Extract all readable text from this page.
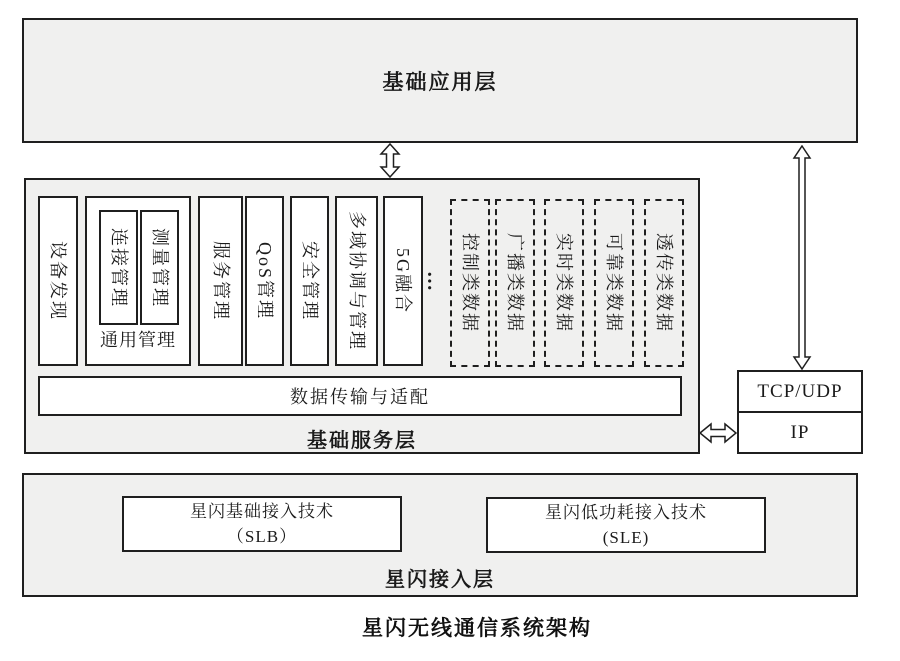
基础应用层
设备发现 连接管理 测量管理
通用管理
服务管理 QoS管理 安全管理 多域协调与管理 5G融合 … 控制类数据 广播类数据 实时类数据 可靠类数据 透传类数据
数据传输与适配
基础服务层
TCP/UDP
IP
星闪基础接入技术
（SLB）
星闪低功耗接入技术
(SLE)
星闪接入层
星闪无线通信系统架构
